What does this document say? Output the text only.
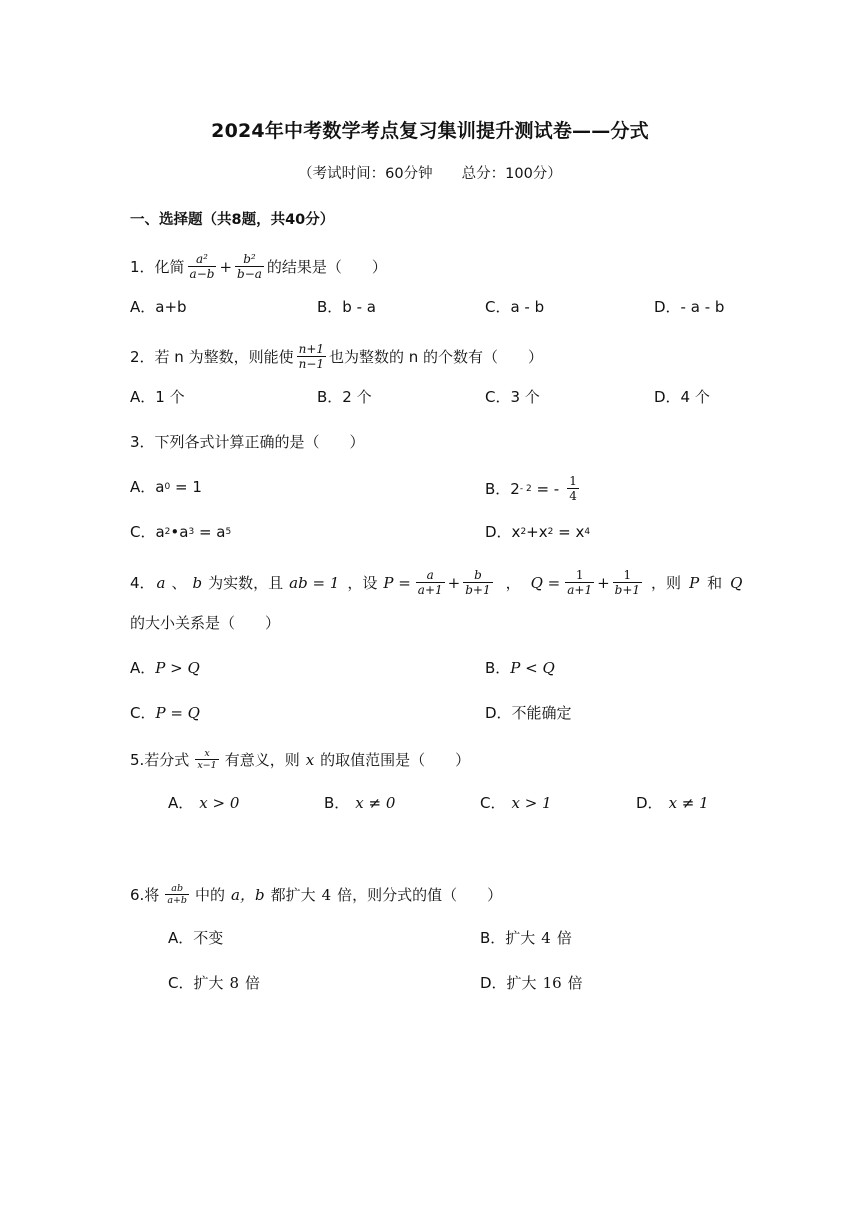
2024年中考数学考点复习集训提升测试卷——分式
（考试时间：60分钟　　总分：100分）
一、选择题（共8题，共40分）
1．化简 $\frac{\text{a²}}{a-b} + \frac{\text{b²}}{b-a}$ 的结果是（　　）
A．a+b	B．b - a	C．a - b	D．- a - b
2．若 n 为整数，则能使 $\frac{n+1}{n-1}$ 也为整数的 n 的个数有（　　）
A．1 个	B．2 个	C．3 个	D．4 个
3．下列各式计算正确的是（　　）
A．a 0
= 1	B．2 - 2
= - $\frac{1}{4}$
C．a 2 •a 3
= a 5	D．x 2 +x 2
= x 4
4． a 、 b 为实数，且 ab = 1 ，设 $P = \frac{a}{a+1} + \frac{b}{b+1}$ ， $Q = \frac{1}{a+1} + \frac{1}{b+1}$ ，则 P 和 Q
的大小关系是（　　）
A． P > Q	B． P < Q
C． P = Q	D．不能确定
5.若分式 $\frac{x}{x-1}$ 有意义，则 x 的取值范围是（　　）
A． x > 0	B． x ≠ 0	C． x > 1	D． x ≠ 1
6.将 $\frac{ab}{a+b}$ 中的 a，b 都扩大 4 倍，则分式的值（　　）
A．不变	B．扩大 4 倍
C．扩大 8 倍	D．扩大 16 倍
